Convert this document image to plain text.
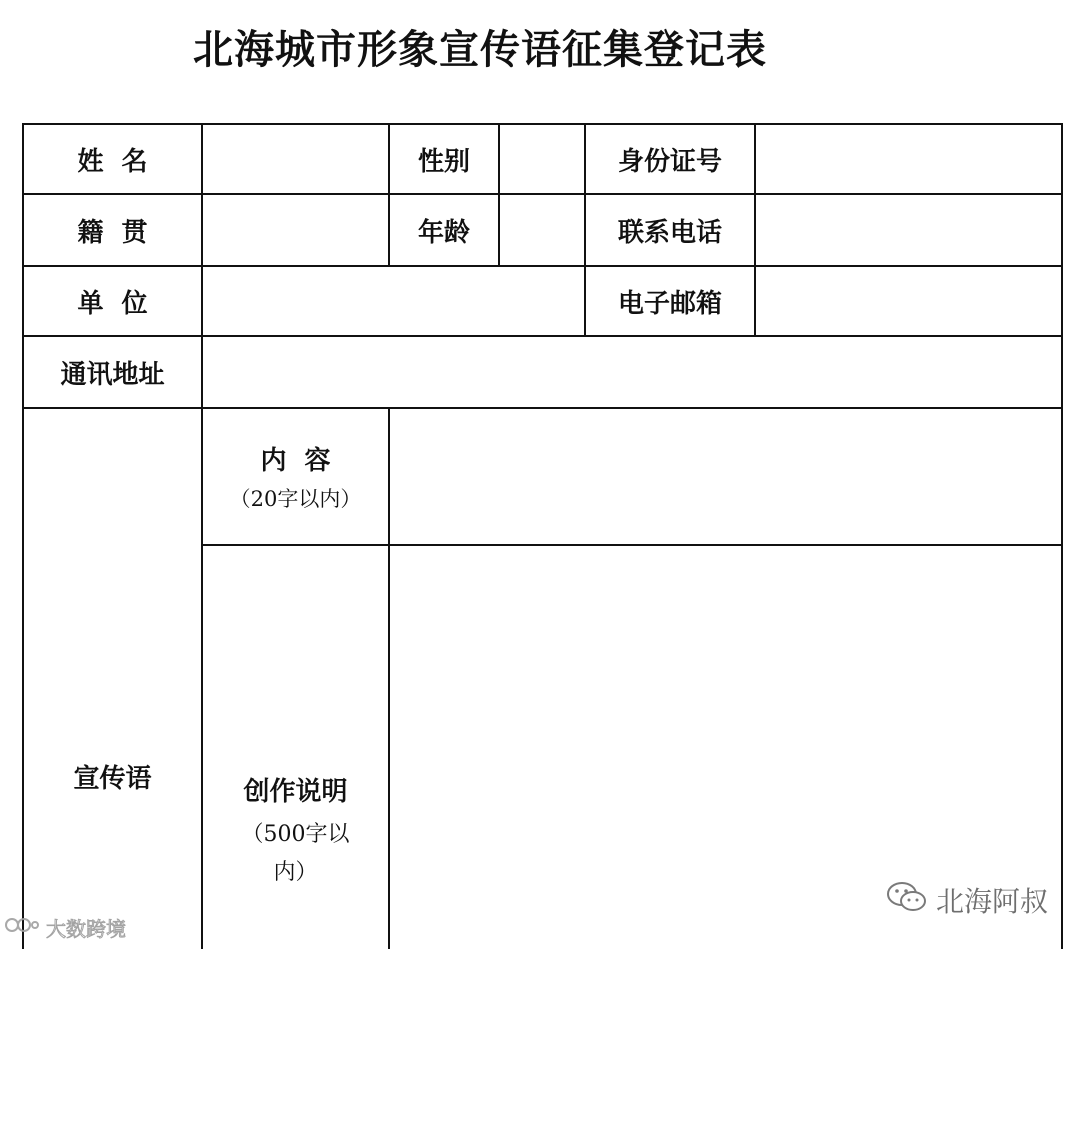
北海城市形象宣传语征集登记表
姓  名	性别	身份证号
籍  贯	年龄	联系电话
单  位	电子邮箱
通讯地址
宣传语
内  容
（20字以内）
创作说明
（500字以
内）
大数跨境
北海阿叔
